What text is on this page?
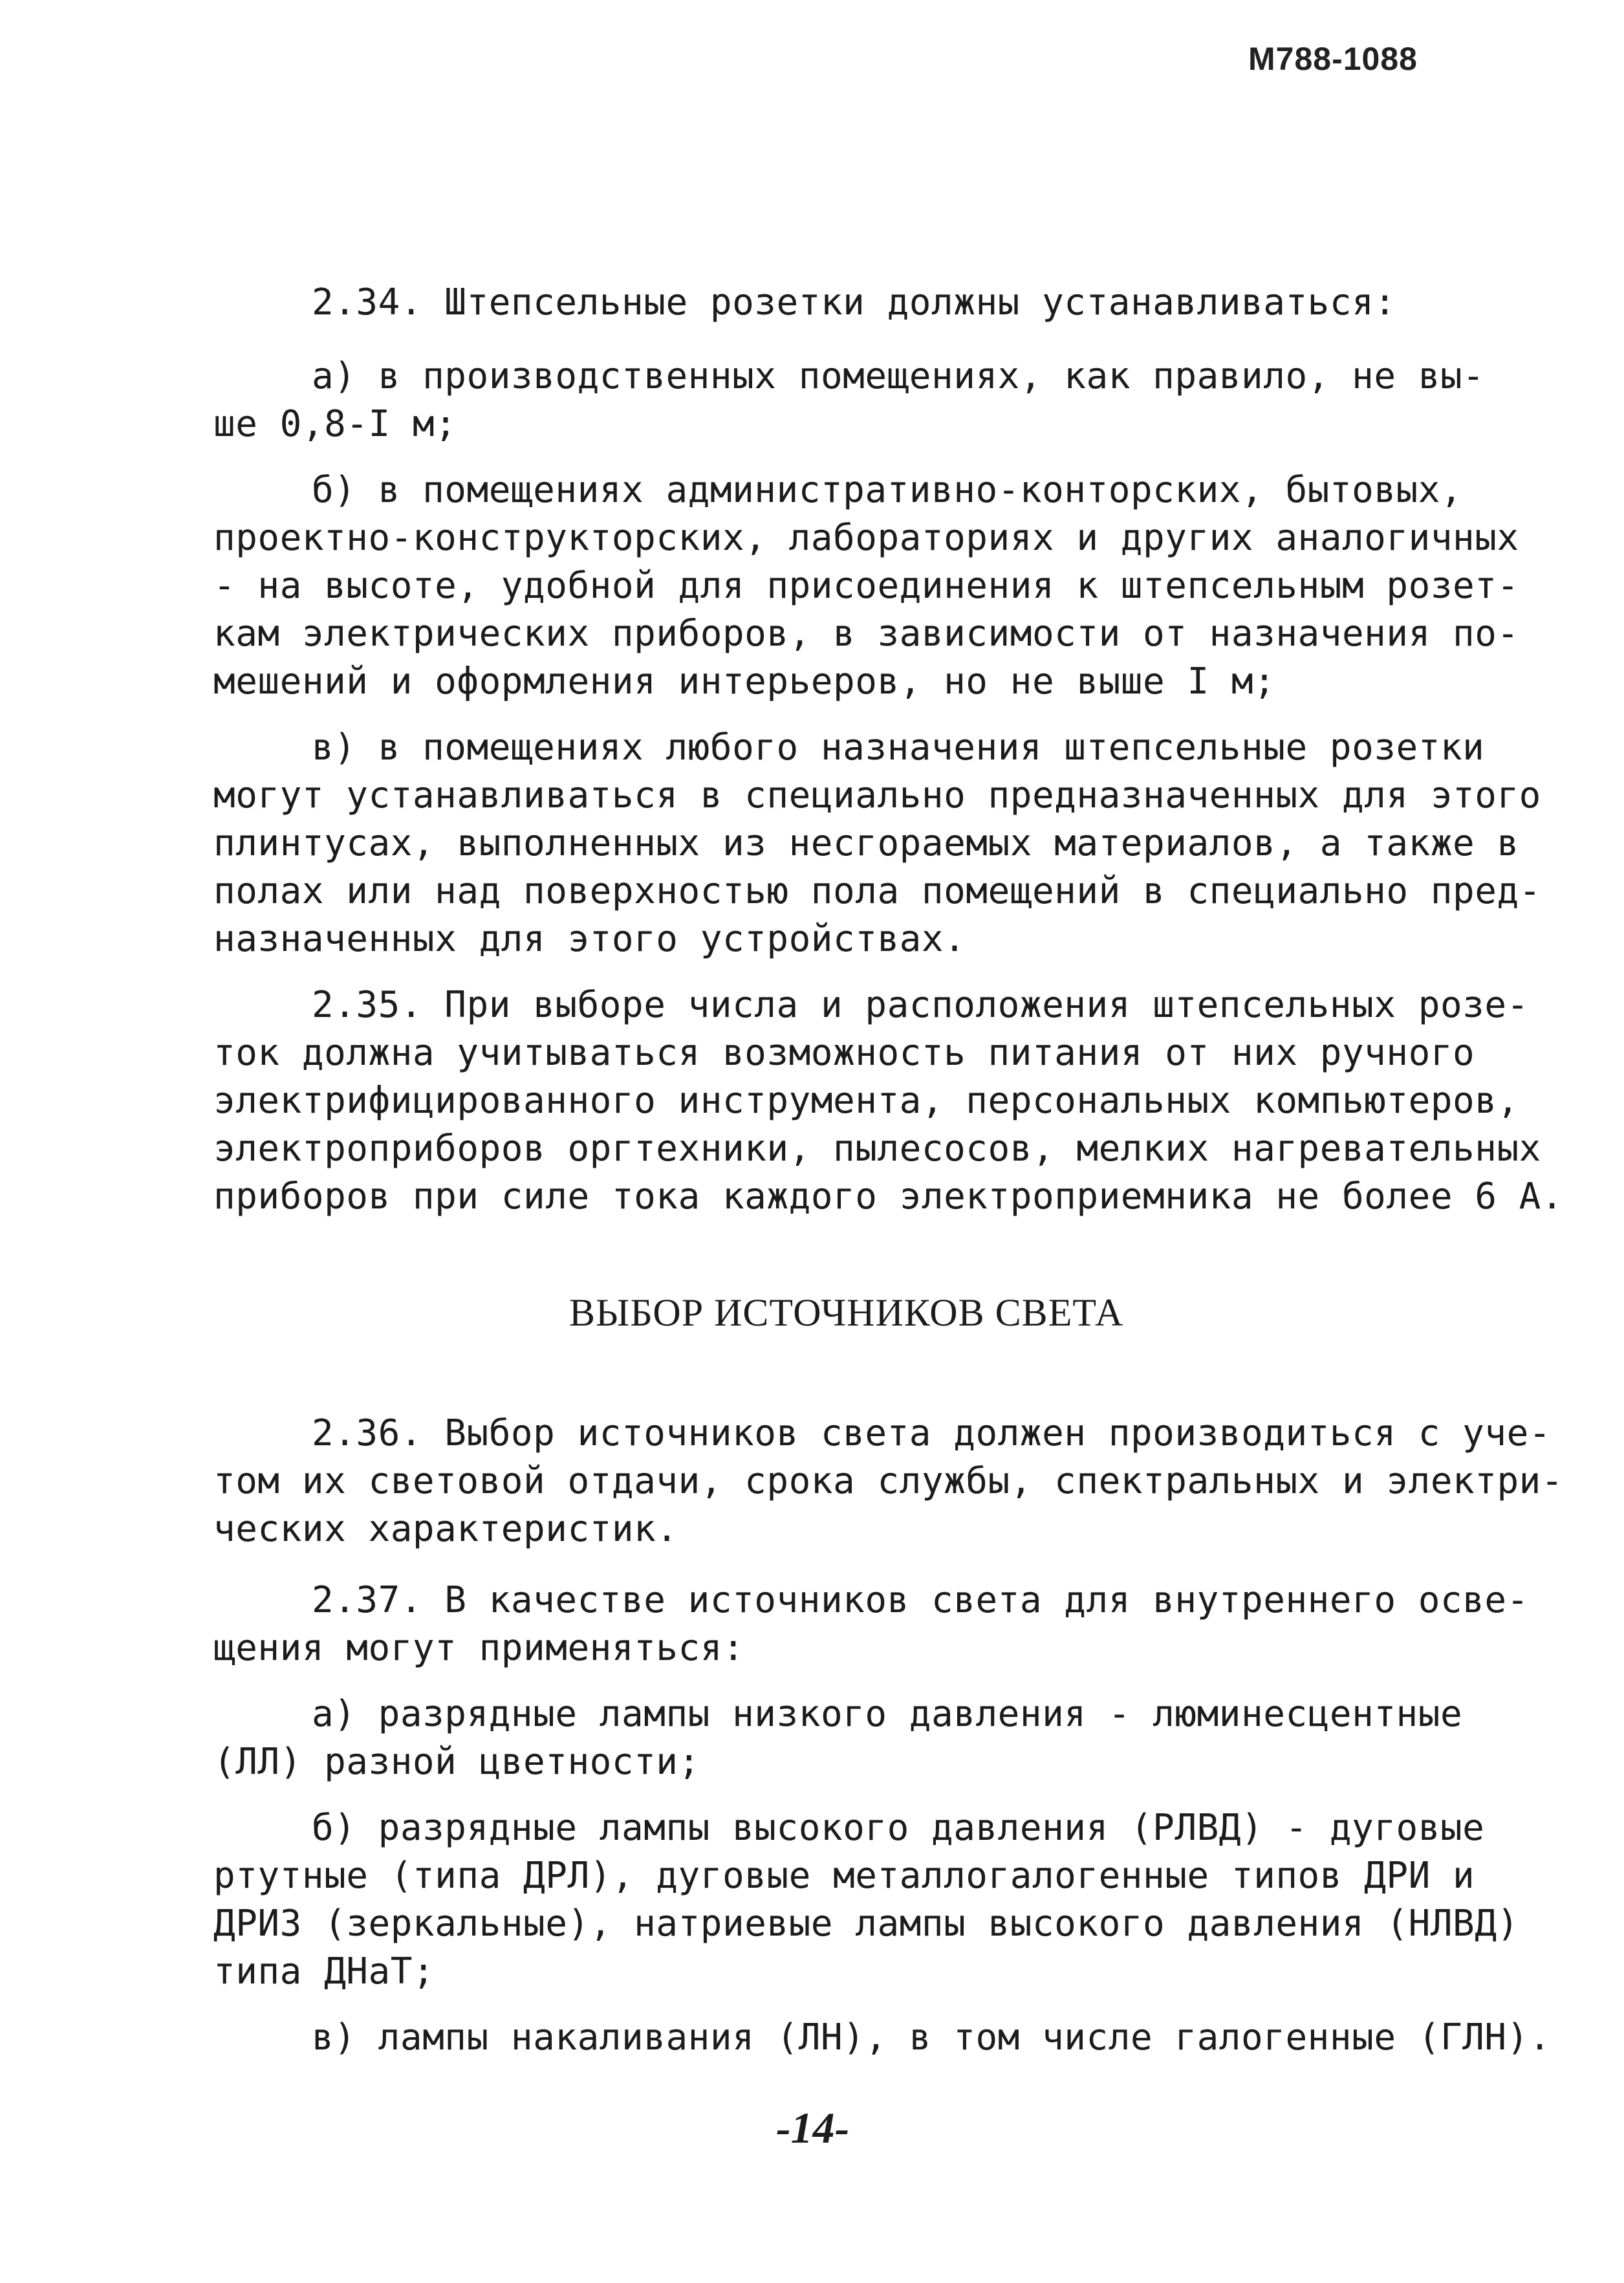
М788-1088
2.34. Штепсельные розетки должны устанавливаться:
а) в производственных помещениях, как правило, не вы-
ше 0,8-I м;
б) в помещениях административно-конторских, бытовых,
проектно-конструкторских, лабораториях и других аналогичных
- на высоте, удобной для присоединения к штепсельным розет-
кам электрических приборов, в зависимости от назначения по-
мешений и оформления интерьеров, но не выше I м;
в) в помещениях любого назначения штепсельные розетки
могут устанавливаться в специально предназначенных для этого
плинтусах, выполненных из несгораемых материалов, а также в
полах или над поверхностью пола помещений в специально пред-
назначенных для этого устройствах.
2.35. При выборе числа и расположения штепсельных розе-
ток должна учитываться возможность питания от них ручного
электрифицированного инструмента, персональных компьютеров,
электроприборов оргтехники, пылесосов, мелких нагревательных
приборов при силе тока каждого электроприемника не более 6 А.
ВЫБОР ИСТОЧНИКОВ СВЕТА
2.36. Выбор источников света должен производиться с уче-
том их световой отдачи, срока службы, спектральных и электри-
ческих характеристик.
2.37. В качестве источников света для внутреннего осве-
щения могут применяться:
а) разрядные лампы низкого давления - люминесцентные
(ЛЛ) разной цветности;
б) разрядные лампы высокого давления (РЛВД) - дуговые
ртутные (типа ДРЛ), дуговые металлогалогенные типов ДРИ и
ДРИЗ (зеркальные), натриевые лампы высокого давления (НЛВД)
типа ДНаТ;
в) лампы накаливания (ЛН), в том числе галогенные (ГЛН).
-14-
